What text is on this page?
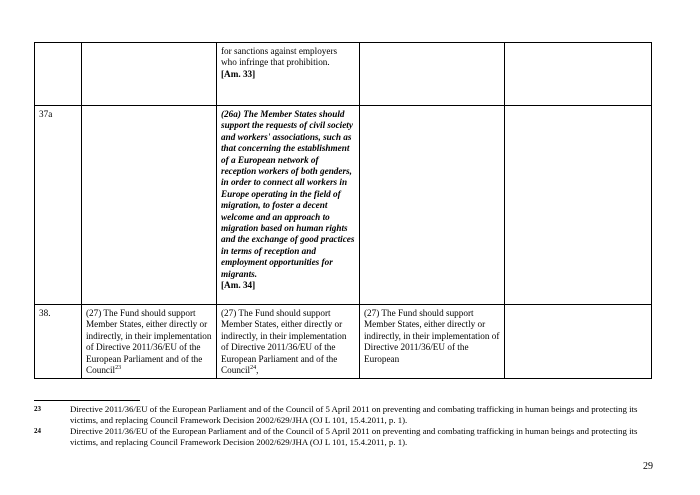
		for sanctions against employers who infringe that prohibition.
[Am. 33]		
37a		(26a) The Member States should support the requests of civil society and workers' associations, such as that concerning the establishment of a European network of reception workers of both genders, in order to connect all workers in Europe operating in the field of migration, to foster a decent welcome and an approach to migration based on human rights and the exchange of good practices in terms of reception and employment opportunities for migrants.
[Am. 34]		
38.	(27) The Fund should support Member States, either directly or indirectly, in their implementation of Directive 2011/36/EU of the European Parliament and of the Council$^{23}$	(27) The Fund should support Member States, either directly or indirectly, in their implementation of Directive 2011/36/EU of the European Parliament and of the Council$^{24}$,	(27) The Fund should support Member States, either directly or indirectly, in their implementation of Directive 2011/36/EU of the European	
23	Directive 2011/36/EU of the European Parliament and of the Council of 5 April 2011 on preventing and combating trafficking in human beings and protecting its victims, and replacing Council Framework Decision 2002/629/JHA (OJ L 101, 15.4.2011, p. 1).
24	Directive 2011/36/EU of the European Parliament and of the Council of 5 April 2011 on preventing and combating trafficking in human beings and protecting its victims, and replacing Council Framework Decision 2002/629/JHA (OJ L 101, 15.4.2011, p. 1).
29
